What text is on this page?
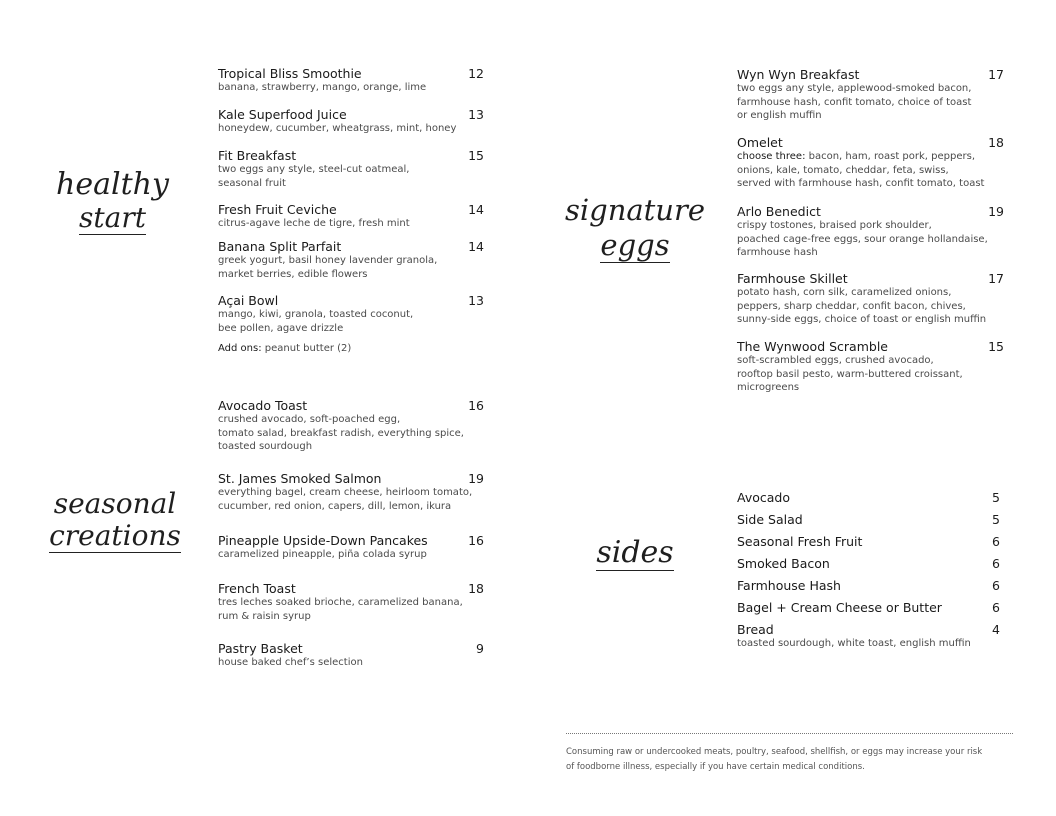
healthy
start
seasonal
creations
signature
eggs
sides
Tropical Bliss Smoothie	12
banana, strawberry, mango, orange, lime
Kale Superfood Juice	13
honeydew, cucumber, wheatgrass, mint, honey
Fit Breakfast	15
two eggs any style, steel-cut oatmeal,
seasonal fruit
Fresh Fruit Ceviche	14
citrus-agave leche de tigre, fresh mint
Banana Split Parfait	14
greek yogurt, basil honey lavender granola,
market berries, edible flowers
Açai Bowl	13
mango, kiwi, granola, toasted coconut,
bee pollen, agave drizzle
Add ons: peanut butter (2)
Avocado Toast	16
crushed avocado, soft-poached egg,
tomato salad, breakfast radish, everything spice,
toasted sourdough
St. James Smoked Salmon	19
everything bagel, cream cheese, heirloom tomato,
cucumber, red onion, capers, dill, lemon, ikura
Pineapple Upside-Down Pancakes	16
caramelized pineapple, piña colada syrup
French Toast	18
tres leches soaked brioche, caramelized banana,
rum & raisin syrup
Pastry Basket	9
house baked chef’s selection
Wyn Wyn Breakfast	17
two eggs any style, applewood-smoked bacon,
farmhouse hash, confit tomato, choice of toast
or english muffin
Omelet	18
choose three: bacon, ham, roast pork, peppers,
onions, kale, tomato, cheddar, feta, swiss,
served with farmhouse hash, confit tomato, toast
Arlo Benedict	19
crispy tostones, braised pork shoulder,
poached cage-free eggs, sour orange hollandaise,
farmhouse hash
Farmhouse Skillet	17
potato hash, corn silk, caramelized onions,
peppers, sharp cheddar, confit bacon, chives,
sunny-side eggs, choice of toast or english muffin
The Wynwood Scramble	15
soft-scrambled eggs, crushed avocado,
rooftop basil pesto, warm-buttered croissant,
microgreens
Avocado	5
Side Salad	5
Seasonal Fresh Fruit	6
Smoked Bacon	6
Farmhouse Hash	6
Bagel + Cream Cheese or Butter	6
Bread	4
toasted sourdough, white toast, english muffin
Consuming raw or undercooked meats, poultry, seafood, shellfish, or eggs may increase your risk
of foodborne illness, especially if you have certain medical conditions.
